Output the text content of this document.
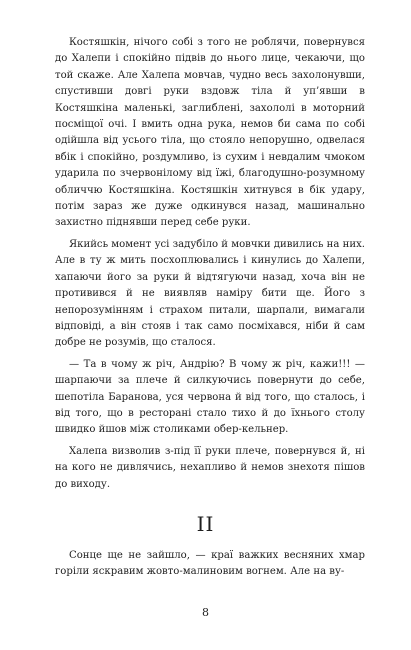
Костяшкін, нічого собі з того не роблячи, повернувся до Халепи і спокійно підвів до нього лице, чекаючи, що той скаже. Але Халепа мовчав, чудно весь захолонувши, спустивши довгі руки вздовж тіла й уп’явши в Костяшкіна маленькі, заглиблені, захололі в моторний посміщої очі. І вмить одна рука, немов би сама по собі одійшла від усього тіла, що стояло непорушно, одвелася вбік і спокійно, роздумливо, із сухим і невдалим чмоком ударила по зчервонілому від їжі, благодушно-розумному обличчю Костяшкіна. Костяшкін хитнувся в бік удару, потім зараз же дуже одкинувся назад, машинально захистно піднявши перед себе руки.

Якийсь момент усі задубіло й мовчки дивились на них. Але в ту ж мить посхоплювались і кинулись до Халепи, хапаючи його за руки й відтягуючи назад, хоча він не противився й не виявляв наміру бити ще. Його з непорозумінням і страхом питали, шарпали, вимагали відповіді, а він стояв і так само посміхався, ніби й сам добре не розумів, що сталося.

— Та в чому ж річ, Андрію? В чому ж річ, кажи!!! — шарпаючи за плече й силкуючись повернути до себе, шепотіла Баранова, уся червона й від того, що сталось, і від того, що в ресторані стало тихо й до їхнього столу швидко йшов між столиками обер-кельнер.

Халепа визволив з-під її руки плече, повернувся й, ні на кого не дивлячись, нехапливо й немов знехотя пішов до виходу.

II

Сонце ще не зайшло, — краї важких весняних хмар горіли яскравим жовто-малиновим вогнем. Але на ву-

8
